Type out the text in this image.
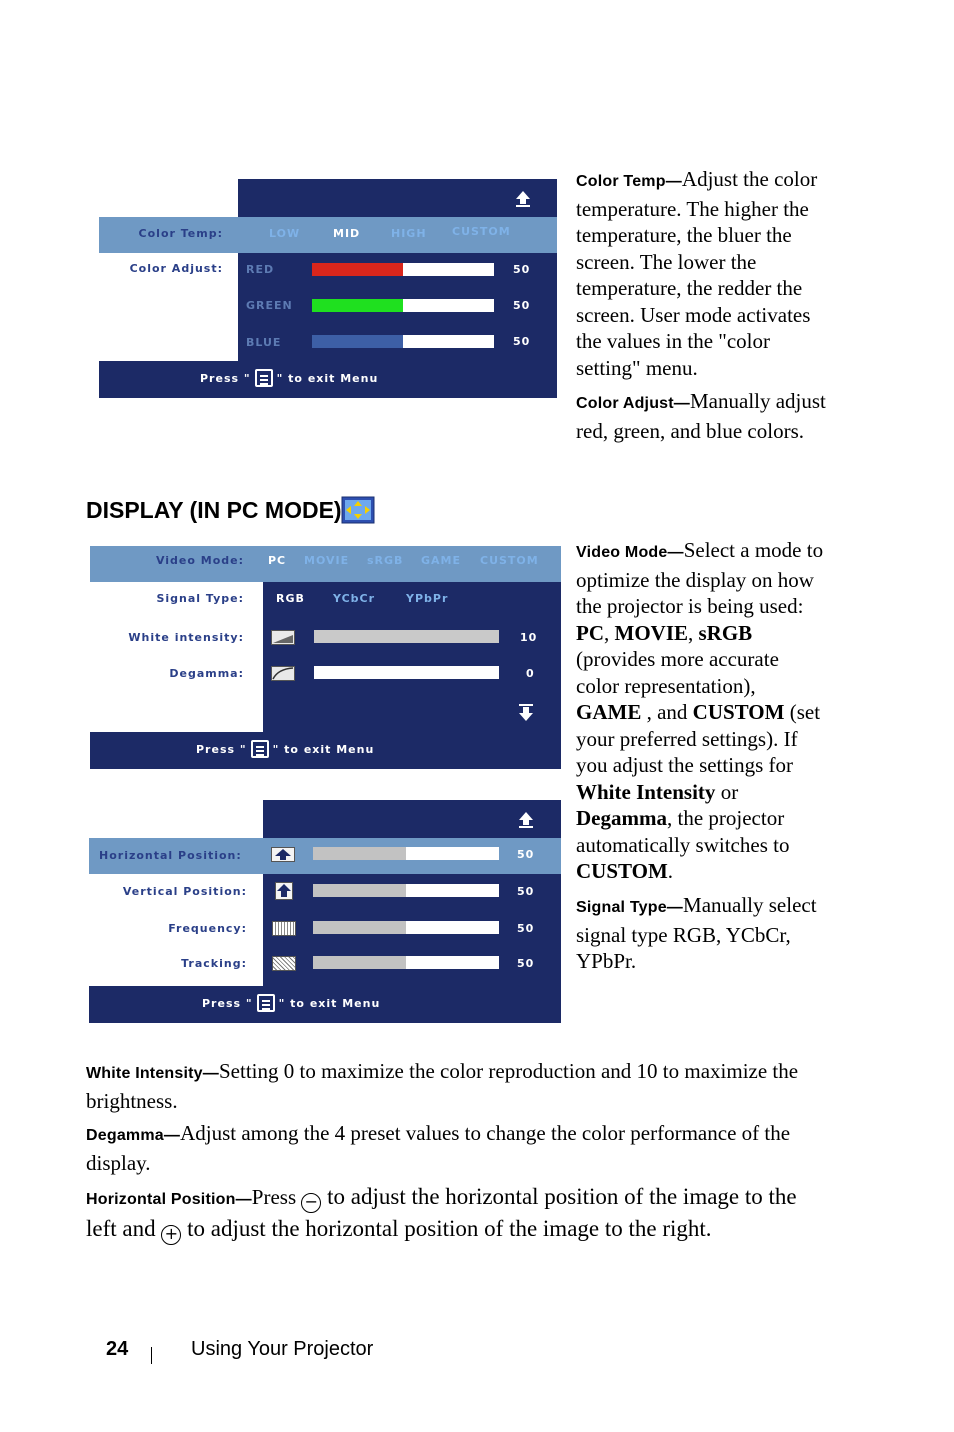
Color Temp:	LOW	MID	HIGH CUSTOM
Color Adjust: RED	50
GREEN	50
BLUE	50
Press " " to exit Menu
Color Temp—Adjust the color temperature. The higher the temperature, the bluer the screen. The lower the temperature, the redder the screen. User mode activates the values in the "color setting" menu.
Color Adjust—Manually adjust red, green, and blue colors.
DISPLAY (IN PC MODE)
Video Mode: PC MOVIE sRGB GAME CUSTOM
Signal Type:	RGB	YCbCr	YPbPr
White intensity:	10
Degamma:	0
Press " " to exit Menu
Horizontal Position:	50
Vertical Position:	50
Frequency:	50
Tracking:	50
Press " " to exit Menu
Video Mode—Select a mode to optimize the display on how the projector is being used: PC, MOVIE, sRGB (provides more accurate color representation), GAME , and CUSTOM (set your preferred settings). If you adjust the settings for White Intensity or Degamma, the projector automatically switches to CUSTOM.
Signal Type—Manually select signal type RGB, YCbCr, YPbPr.
White Intensity—Setting 0 to maximize the color reproduction and 10 to maximize the brightness.
Degamma—Adjust among the 4 preset values to change the color performance of the display.
Horizontal Position—Press − to adjust the horizontal position of the image to the left and + to adjust the horizontal position of the image to the right.
24	Using Your Projector
